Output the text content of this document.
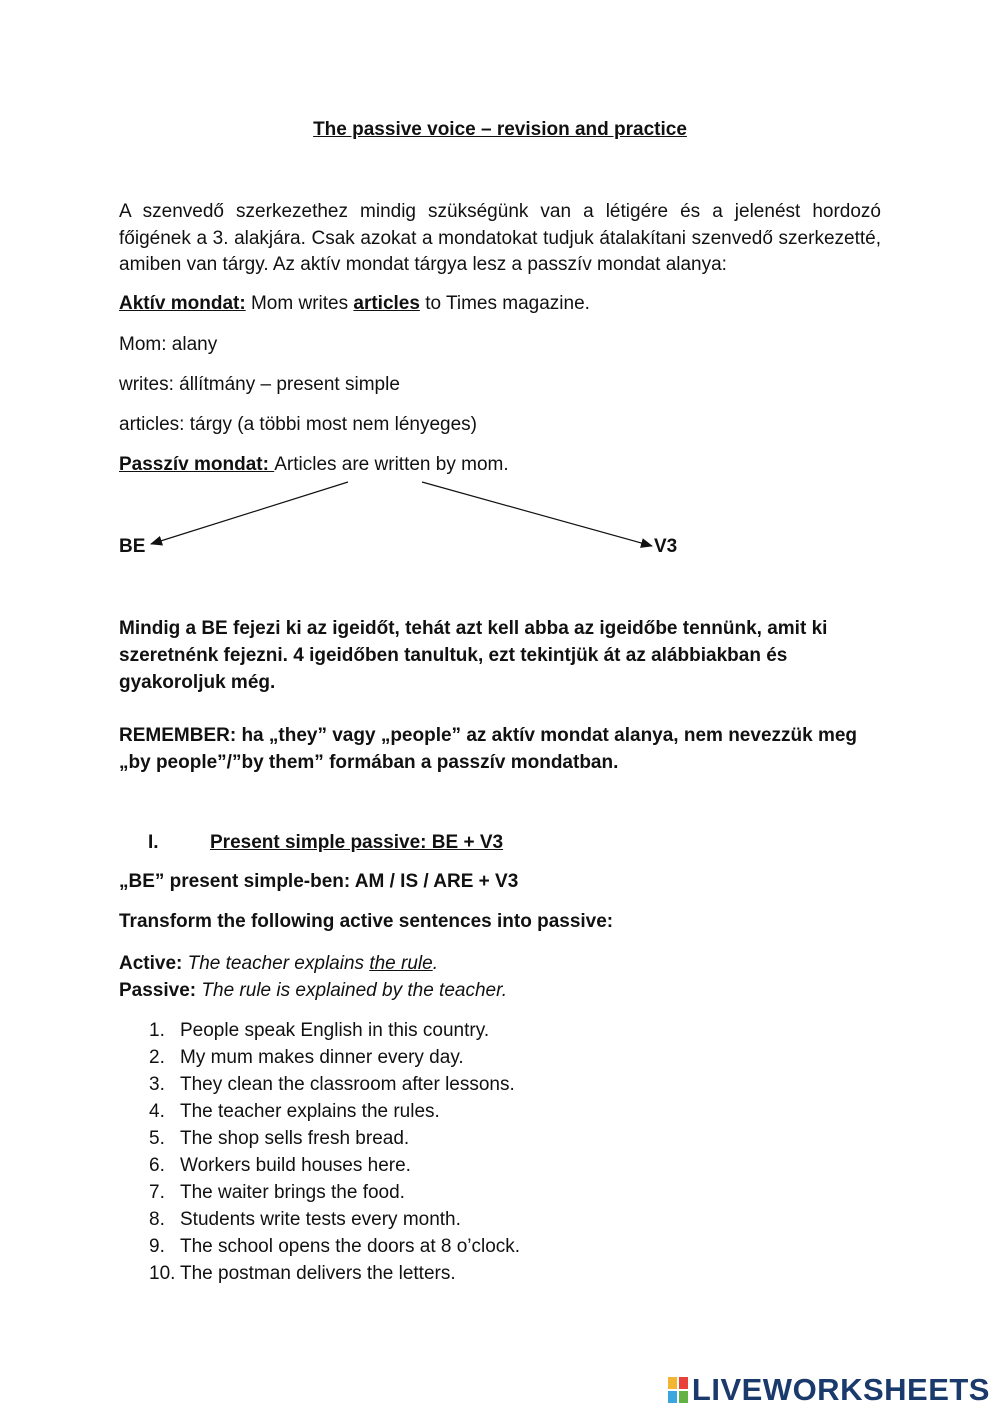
The passive voice – revision and practice
A szenvedő szerkezethez mindig szükségünk van a létigére és a jelenést hordozó főigének a 3. alakjára. Csak azokat a mondatokat tudjuk átalakítani szenvedő szerkezetté, amiben van tárgy. Az aktív mondat tárgya lesz a passzív mondat alanya:
Aktív mondat: Mom writes articles to Times magazine.
Mom: alany
writes: állítmány – present simple
articles: tárgy (a többi most nem lényeges)
Passzív mondat: Articles are written by mom.
BE	V3
Mindig a BE fejezi ki az igeidőt, tehát azt kell abba az igeidőbe tennünk, amit ki szeretnénk fejezni. 4 igeidőben tanultuk, ezt tekintjük át az alábbiakban és gyakoroljuk még.
REMEMBER: ha „they” vagy „people” az aktív mondat alanya, nem nevezzük meg „by people”/”by them” formában a passzív mondatban.
I.	Present simple passive: BE + V3
„BE” present simple-ben: AM / IS / ARE + V3
Transform the following active sentences into passive:
Active: The teacher explains the rule.
Passive: The rule is explained by the teacher.
1. People speak English in this country.
2. My mum makes dinner every day.
3. They clean the classroom after lessons.
4. The teacher explains the rules.
5. The shop sells fresh bread.
6. Workers build houses here.
7. The waiter brings the food.
8. Students write tests every month.
9. The school opens the doors at 8 o’clock.
10. The postman delivers the letters.
LIVEWORKSHEETS
